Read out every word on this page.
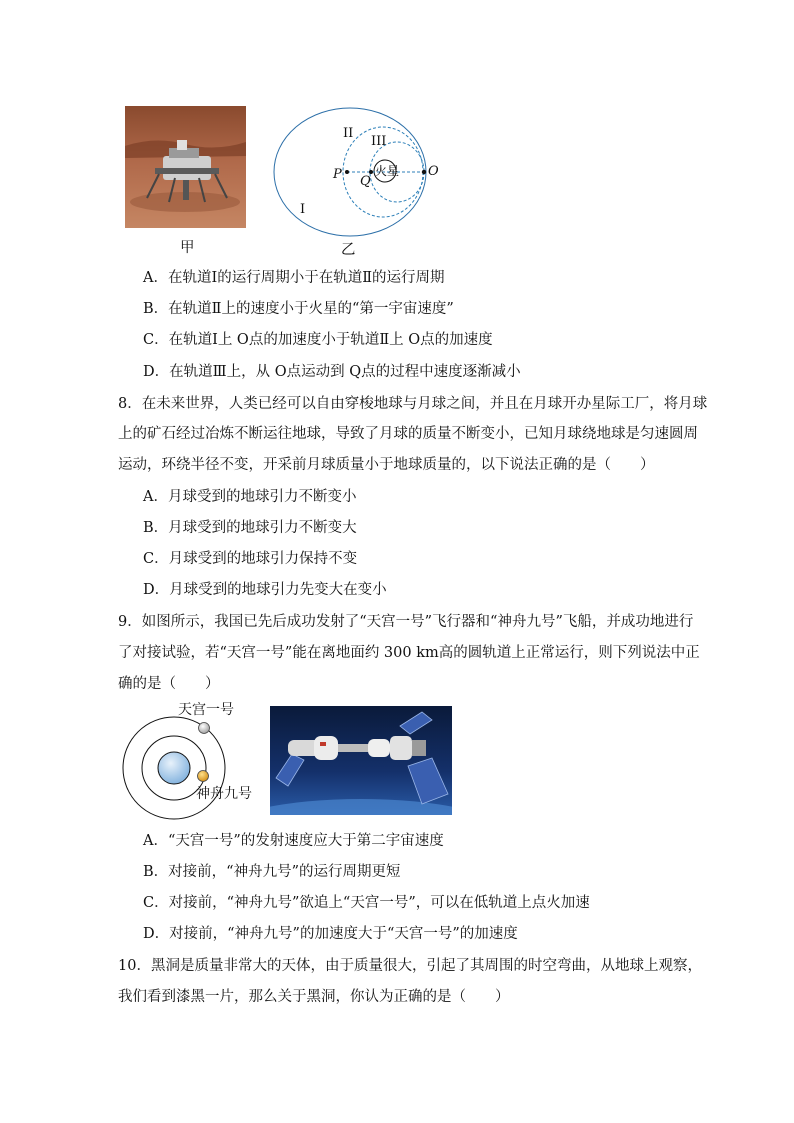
甲
II
III
火星
P Q
O
I
乙
A．在轨道Ⅰ的运行周期小于在轨道Ⅱ的运行周期
B．在轨道Ⅱ上的速度小于火星的“第一宇宙速度”
C．在轨道Ⅰ上 O点的加速度小于轨道Ⅱ上 O点的加速度
D．在轨道Ⅲ上，从 O点运动到 Q点的过程中速度逐渐减小
8．在未来世界，人类已经可以自由穿梭地球与月球之间，并且在月球开办星际工厂，将月球
上的矿石经过冶炼不断运往地球，导致了月球的质量不断变小，已知月球绕地球是匀速圆周
运动，环绕半径不变，开采前月球质量小于地球质量的，以下说法正确的是（　　）
A．月球受到的地球引力不断变小
B．月球受到的地球引力不断变大
C．月球受到的地球引力保持不变
D．月球受到的地球引力先变大在变小
9．如图所示，我国已先后成功发射了“天宫一号”飞行器和“神舟九号”飞船，并成功地进行
了对接试验，若“天宫一号”能在离地面约 300 km高的圆轨道上正常运行，则下列说法中正
确的是（　　）
天宫一号
神舟九号
A．“天宫一号”的发射速度应大于第二宇宙速度
B．对接前，“神舟九号”的运行周期更短
C．对接前，“神舟九号”欲追上“天宫一号”，可以在低轨道上点火加速
D．对接前，“神舟九号”的加速度大于“天宫一号”的加速度
10．黑洞是质量非常大的天体，由于质量很大，引起了其周围的时空弯曲，从地球上观察，
我们看到漆黑一片，那么关于黑洞，你认为正确的是（　　）
